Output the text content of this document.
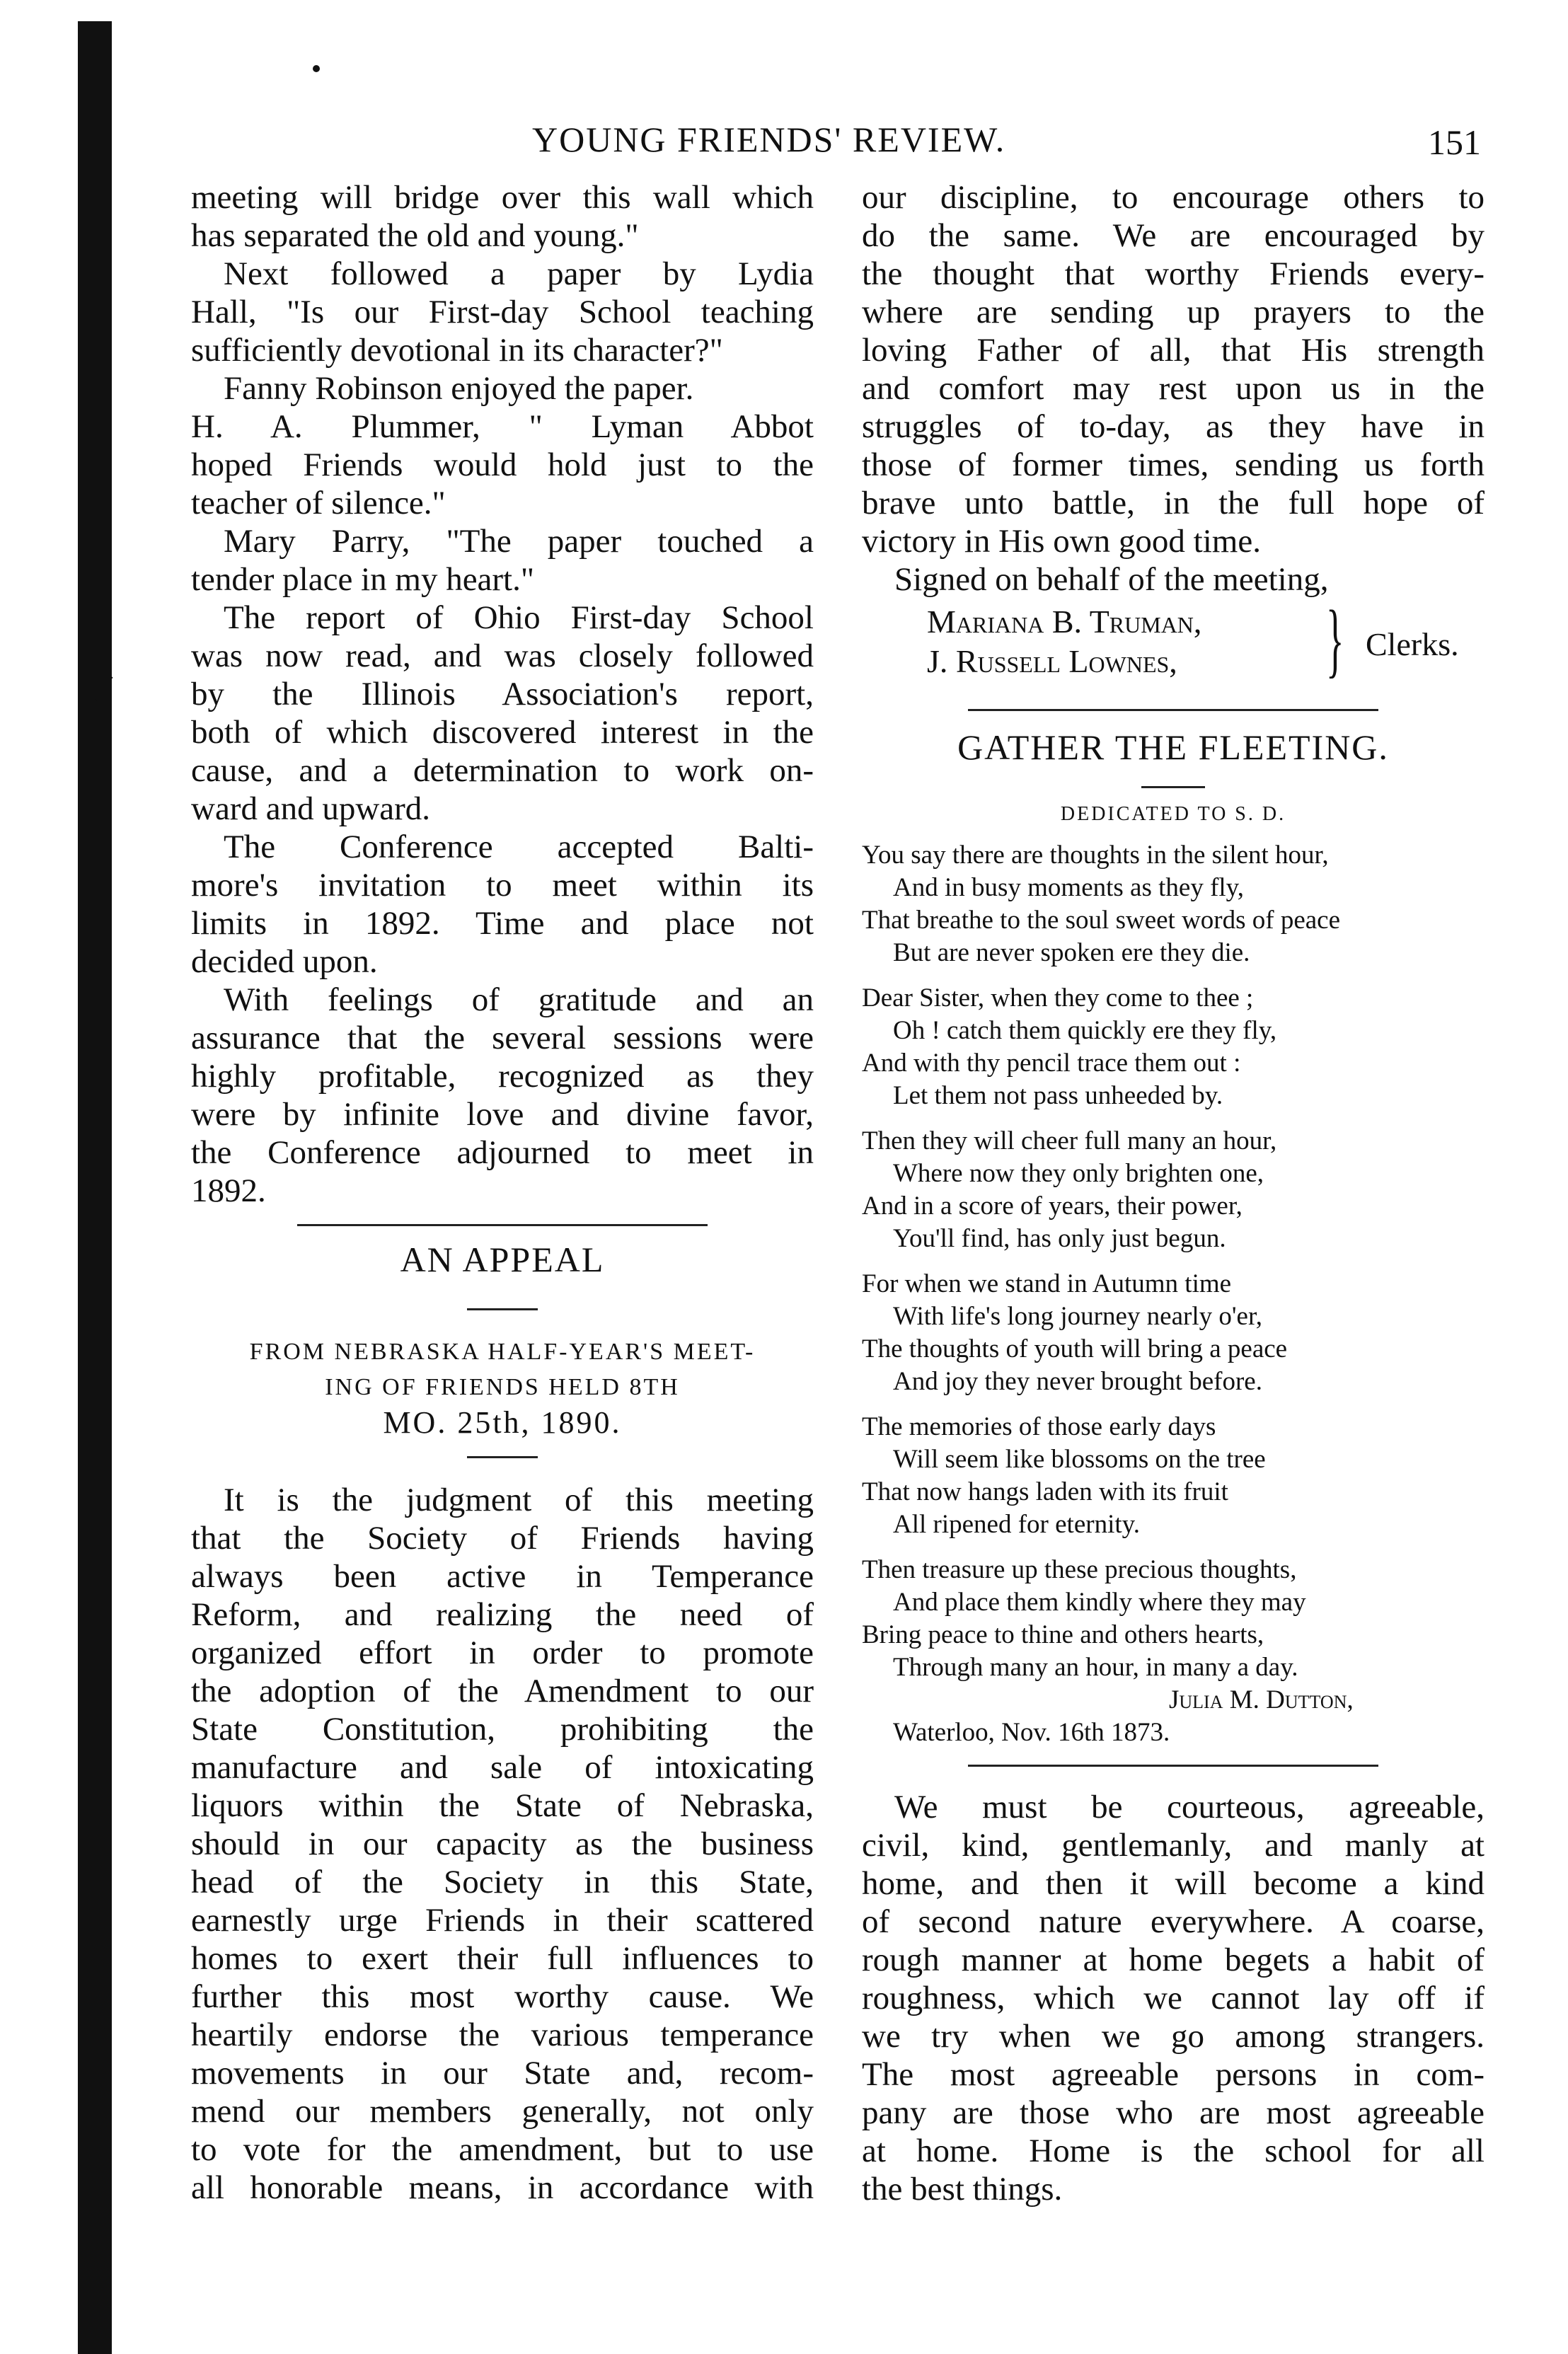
YOUNG FRIENDS' REVIEW.	151
meeting will bridge over this wall which
has separated the old and young."
Next followed a paper by Lydia
Hall, "Is our First-day School teaching
sufficiently devotional in its character?"
Fanny Robinson enjoyed the paper.
H. A. Plummer, " Lyman Abbot
hoped Friends would hold just to the
teacher of silence."
Mary Parry, "The paper touched a
tender place in my heart."
The report of Ohio First-day School
was now read, and was closely followed
by the Illinois Association's report,
both of which discovered interest in the
cause, and a determination to work on-
ward and upward.
The Conference accepted Balti-
more's invitation to meet within its
limits in 1892. Time and place not
decided upon.
With feelings of gratitude and an
assurance that the several sessions were
highly profitable, recognized as they
were by infinite love and divine favor,
the Conference adjourned to meet in
1892.
AN APPEAL
FROM NEBRASKA HALF-YEAR'S MEET-
ING OF FRIENDS HELD 8TH
MO. 25th, 1890.
It is the judgment of this meeting
that the Society of Friends having
always been active in Temperance
Reform, and realizing the need of
organized effort in order to promote
the adoption of the Amendment to our
State Constitution, prohibiting the
manufacture and sale of intoxicating
liquors within the State of Nebraska,
should in our capacity as the business
head of the Society in this State,
earnestly urge Friends in their scattered
homes to exert their full influences to
further this most worthy cause. We
heartily endorse the various temperance
movements in our State and, recom-
mend our members generally, not only
to vote for the amendment, but to use
all honorable means, in accordance with
our discipline, to encourage others to
do the same. We are encouraged by
the thought that worthy Friends every-
where are sending up prayers to the
loving Father of all, that His strength
and comfort may rest upon us in the
struggles of to-day, as they have in
those of former times, sending us forth
brave unto battle, in the full hope of
victory in His own good time.
Signed on behalf of the meeting,
Mariana B. Truman,
J. Russell Lownes, } Clerks.
GATHER THE FLEETING.
DEDICATED TO S. D.
You say there are thoughts in the silent hour,
And in busy moments as they fly,
That breathe to the soul sweet words of peace
But are never spoken ere they die.
Dear Sister, when they come to thee ;
Oh ! catch them quickly ere they fly,
And with thy pencil trace them out :
Let them not pass unheeded by.
Then they will cheer full many an hour,
Where now they only brighten one,
And in a score of years, their power,
You'll find, has only just begun.
For when we stand in Autumn time
With life's long journey nearly o'er,
The thoughts of youth will bring a peace
And joy they never brought before.
The memories of those early days
Will seem like blossoms on the tree
That now hangs laden with its fruit
All ripened for eternity.
Then treasure up these precious thoughts,
And place them kindly where they may
Bring peace to thine and others hearts,
Through many an hour, in many a day.
Julia M. Dutton,
Waterloo, Nov. 16th 1873.
We must be courteous, agreeable,
civil, kind, gentlemanly, and manly at
home, and then it will become a kind
of second nature everywhere. A coarse,
rough manner at home begets a habit of
roughness, which we cannot lay off if
we try when we go among strangers.
The most agreeable persons in com-
pany are those who are most agreeable
at home. Home is the school for all
the best things.
